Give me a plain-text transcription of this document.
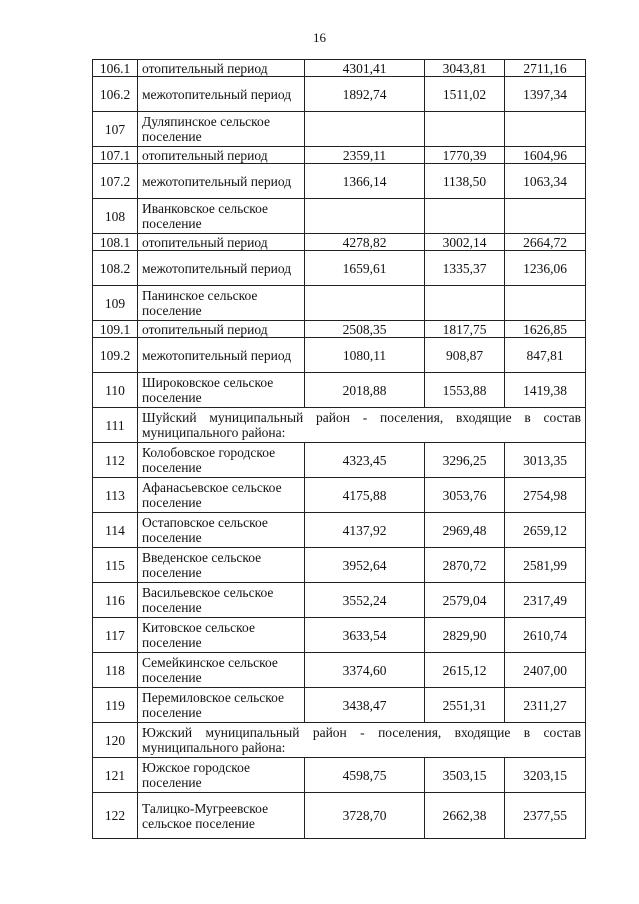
16
106.1	отопительный период	4301,41	3043,81	2711,16
106.2	межотопительный период	1892,74	1511,02	1397,34
107	Дуляпинское сельское поселение			
107.1	отопительный период	2359,11	1770,39	1604,96
107.2	межотопительный период	1366,14	1138,50	1063,34
108	Иванковское сельское поселение			
108.1	отопительный период	4278,82	3002,14	2664,72
108.2	межотопительный период	1659,61	1335,37	1236,06
109	Панинское сельское поселение			
109.1	отопительный период	2508,35	1817,75	1626,85
109.2	межотопительный период	1080,11	908,87	847,81
110	Широковское сельское поселение	2018,88	1553,88	1419,38
111	Шуйский муниципальный район - поселения, входящие в состав муниципального района:			
112	Колобовское городское поселение	4323,45	3296,25	3013,35
113	Афанасьевское сельское поселение	4175,88	3053,76	2754,98
114	Остаповское сельское поселение	4137,92	2969,48	2659,12
115	Введенское сельское поселение	3952,64	2870,72	2581,99
116	Васильевское сельское поселение	3552,24	2579,04	2317,49
117	Китовское сельское поселение	3633,54	2829,90	2610,74
118	Семейкинское сельское поселение	3374,60	2615,12	2407,00
119	Перемиловское сельское поселение	3438,47	2551,31	2311,27
120	Южский муниципальный район - поселения, входящие в состав муниципального района:			
121	Южское городское поселение	4598,75	3503,15	3203,15
122	Талицко-Мугреевское сельское поселение	3728,70	2662,38	2377,55
